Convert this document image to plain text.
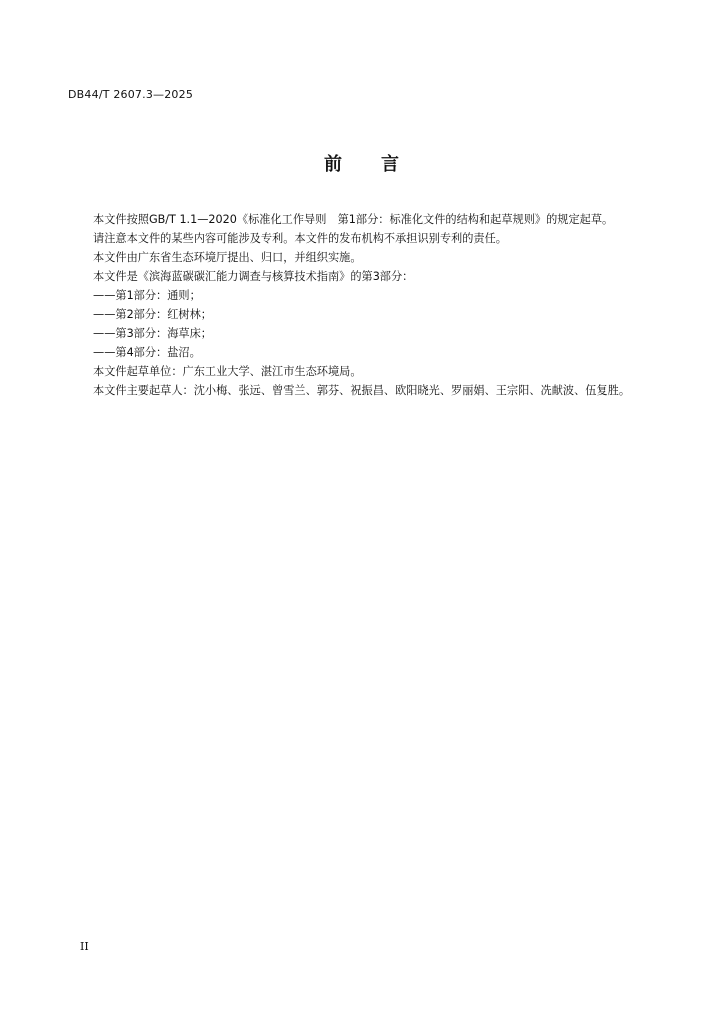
DB44/T 2607.3—2025
前　　言

本文件按照GB/T 1.1—2020《标准化工作导则　第1部分：标准化文件的结构和起草规则》的规定起草。

请注意本文件的某些内容可能涉及专利。本文件的发布机构不承担识别专利的责任。

本文件由广东省生态环境厅提出、归口，并组织实施。

本文件是《滨海蓝碳碳汇能力调查与核算技术指南》的第3部分：

——第1部分：通则；

——第2部分：红树林；

——第3部分：海草床；

——第4部分：盐沼。

本文件起草单位：广东工业大学、湛江市生态环境局。

本文件主要起草人：沈小梅、张远、曾雪兰、郭芬、祝振昌、欧阳晓光、罗丽娟、王宗阳、冼献波、伍复胜。

II
